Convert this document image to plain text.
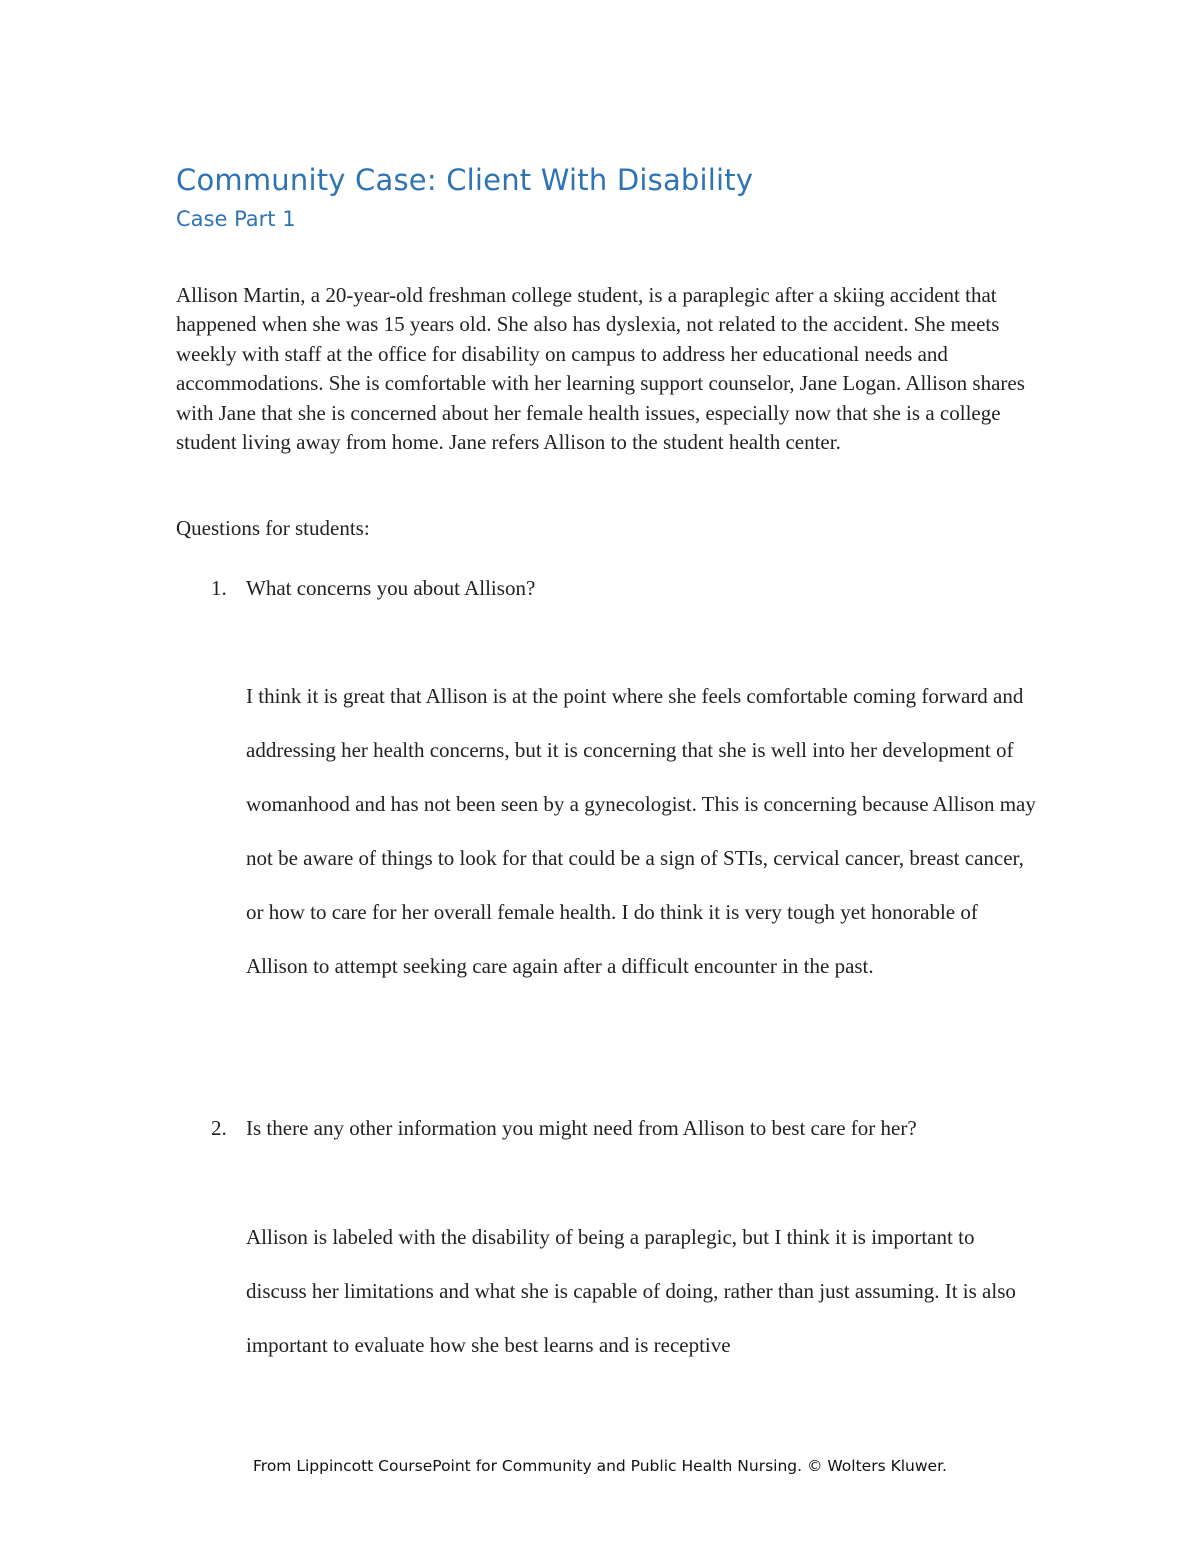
Community Case: Client With Disability
Case Part 1

Allison Martin, a 20-year-old freshman college student, is a paraplegic after a skiing accident that happened when she was 15 years old. She also has dyslexia, not related to the accident. She meets weekly with staff at the office for disability on campus to address her educational needs and accommodations. She is comfortable with her learning support counselor, Jane Logan. Allison shares with Jane that she is concerned about her female health issues, especially now that she is a college student living away from home. Jane refers Allison to the student health center.

Questions for students:

1. What concerns you about Allison?

I think it is great that Allison is at the point where she feels comfortable coming forward and addressing her health concerns, but it is concerning that she is well into her development of womanhood and has not been seen by a gynecologist. This is concerning because Allison may not be aware of things to look for that could be a sign of STIs, cervical cancer, breast cancer, or how to care for her overall female health. I do think it is very tough yet honorable of Allison to attempt seeking care again after a difficult encounter in the past.

2. Is there any other information you might need from Allison to best care for her?

Allison is labeled with the disability of being a paraplegic, but I think it is important to discuss her limitations and what she is capable of doing, rather than just assuming. It is also important to evaluate how she best learns and is receptive

From Lippincott CoursePoint for Community and Public Health Nursing. © Wolters Kluwer.
